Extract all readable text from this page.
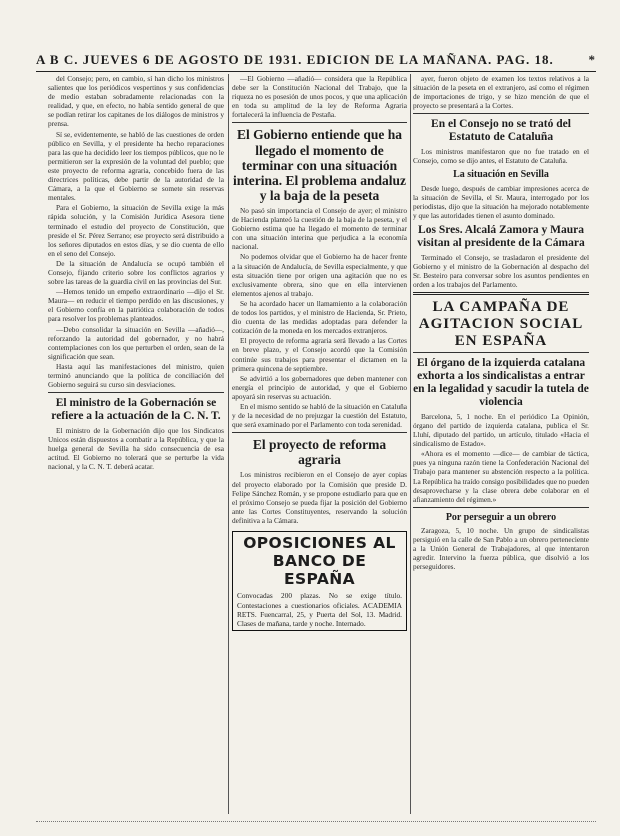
A B C. JUEVES 6 DE AGOSTO DE 1931. EDICION DE LA MAÑANA. PAG. 18.	*

del Consejo; pero, en cambio, sí han dicho los ministros salientes que los periódicos vespertinos y sus confidencias de medio estaban sobradamente relacionadas con la realidad, y que, en efecto, no había sentido general de que se podían retirar los capitanes de los diálogos de ministros y prensa.

Sí se, evidentemente, se habló de las cuestiones de orden público en Sevilla, y el presidente ha hecho reparaciones para las que ha decidido leer los tiempos públicos, que no le permitieron ser la expresión de la voluntad del pueblo; que este proyecto de reforma agraria, concebido fuera de las directrices políticas, debe partir de la autoridad de la Cámara, a la que el Gobierno se somete sin reservas mentales.

Para el Gobierno, la situación de Sevilla exige la más rápida solución, y la Comisión Jurídica Asesora tiene terminado el estudio del proyecto de Constitución, que preside el Sr. Pérez Serrano; ese proyecto será distribuido a los señores diputados en estos días, y se dio cuenta de ello en el seno del Consejo.

De la situación de Andalucía se ocupó también el Consejo, fijando criterio sobre los conflictos agrarios y sobre las tareas de la guardia civil en las provincias del Sur.

—Hemos tenido un empeño extraordinario —dijo el Sr. Maura— en reducir el tiempo perdido en las discusiones, y el Gobierno confía en la patriótica colaboración de todos para resolver los problemas planteados.

—Debo consolidar la situación en Sevilla —añadió—, reforzando la autoridad del gobernador, y no habrá contemplaciones con los que perturben el orden, sean de la significación que sean.

Hasta aquí las manifestaciones del ministro, quien terminó anunciando que la política de conciliación del Gobierno seguirá su curso sin desviaciones.

El ministro de la Gobernación se refiere a la actuación de la C. N. T.

El ministro de la Gobernación dijo que los Sindicatos Unicos están dispuestos a combatir a la República, y que la huelga general de Sevilla ha sido consecuencia de esa actitud. El Gobierno no tolerará que se perturbe la vida nacional, y la C. N. T. deberá acatar.

—El Gobierno —añadió— considera que la República debe ser la Constitución Nacional del Trabajo, que la riqueza no es posesión de unos pocos, y que una aplicación en toda su amplitud de la ley de Reforma Agraria fortalecerá la influencia de Pestaña.

El Gobierno entiende que ha llegado el momento de terminar con una situación interina. El problema andaluz y la baja de la peseta

No pasó sin importancia el Consejo de ayer; el ministro de Hacienda planteó la cuestión de la baja de la peseta, y el Gobierno estima que ha llegado el momento de terminar con una situación interina que perjudica a la economía nacional.

No podemos olvidar que el Gobierno ha de hacer frente a la situación de Andalucía, de Sevilla especialmente, y que esta situación tiene por origen una agitación que no es exclusivamente obrera, sino que en ella intervienen elementos ajenos al trabajo.

Se ha acordado hacer un llamamiento a la colaboración de todos los partidos, y el ministro de Hacienda, Sr. Prieto, dio cuenta de las medidas adoptadas para defender la cotización de la moneda en los mercados extranjeros.

El proyecto de reforma agraria será llevado a las Cortes en breve plazo, y el Consejo acordó que la Comisión continúe sus trabajos para presentar el dictamen en la primera quincena de septiembre.

Se advirtió a los gobernadores que deben mantener con energía el principio de autoridad, y que el Gobierno apoyará sin reservas su actuación.

En el mismo sentido se habló de la situación en Cataluña y de la necesidad de no prejuzgar la cuestión del Estatuto, que será examinado por el Parlamento con toda serenidad.

El proyecto de reforma agraria

Los ministros recibieron en el Consejo de ayer copias del proyecto elaborado por la Comisión que preside D. Felipe Sánchez Román, y se propone estudiarlo para que en el próximo Consejo se pueda fijar la posición del Gobierno ante las Cortes Constituyentes, reservando la solución definitiva a la Cámara.

OPOSICIONES AL BANCO DE ESPAÑA
Convocadas 200 plazas. No se exige título. Contestaciones a cuestionarios oficiales. ACADEMIA RETS. Fuencarral, 25, y Puerta del Sol, 13. Madrid. Clases de mañana, tarde y noche. Internado.

ayer, fueron objeto de examen los textos relativos a la situación de la peseta en el extranjero, así como el régimen de importaciones de trigo, y se hizo mención de que el proyecto se presentará a la Cortes.

En el Consejo no se trató del Estatuto de Cataluña

Los ministros manifestaron que no fue tratado en el Consejo, como se dijo antes, el Estatuto de Cataluña.

La situación en Sevilla

Desde luego, después de cambiar impresiones acerca de la situación de Sevilla, el Sr. Maura, interrogado por los periodistas, dijo que la situación ha mejorado notablemente y que las autoridades tienen el asunto dominado.

Los Sres. Alcalá Zamora y Maura visitan al presidente de la Cámara

Terminado el Consejo, se trasladaron el presidente del Gobierno y el ministro de la Gobernación al despacho del Sr. Besteiro para conversar sobre los asuntos pendientes en orden a los trabajos del Parlamento.

LA CAMPAÑA DE AGITACION SOCIAL EN ESPAÑA
El órgano de la izquierda catalana exhorta a los sindicalistas a entrar en la legalidad y sacudir la tutela de violencia

Barcelona, 5, 1 noche. En el periódico La Opinión, órgano del partido de izquierda catalana, publica el Sr. Lluhí, diputado del partido, un artículo, titulado «Hacia el sindicalismo de Estado».

«Ahora es el momento —dice— de cambiar de táctica, pues ya ninguna razón tiene la Confederación Nacional del Trabajo para mantener su abstención respecto a la política. La República ha traído consigo posibilidades que no pueden desaprovecharse y la clase obrera debe colaborar en el afianzamiento del régimen.»

Por perseguir a un obrero

Zaragoza, 5, 10 noche. Un grupo de sindicalistas persiguió en la calle de San Pablo a un obrero perteneciente a la Unión General de Trabajadores, al que intentaron agredir. Intervino la fuerza pública, que disolvió a los perseguidores.
